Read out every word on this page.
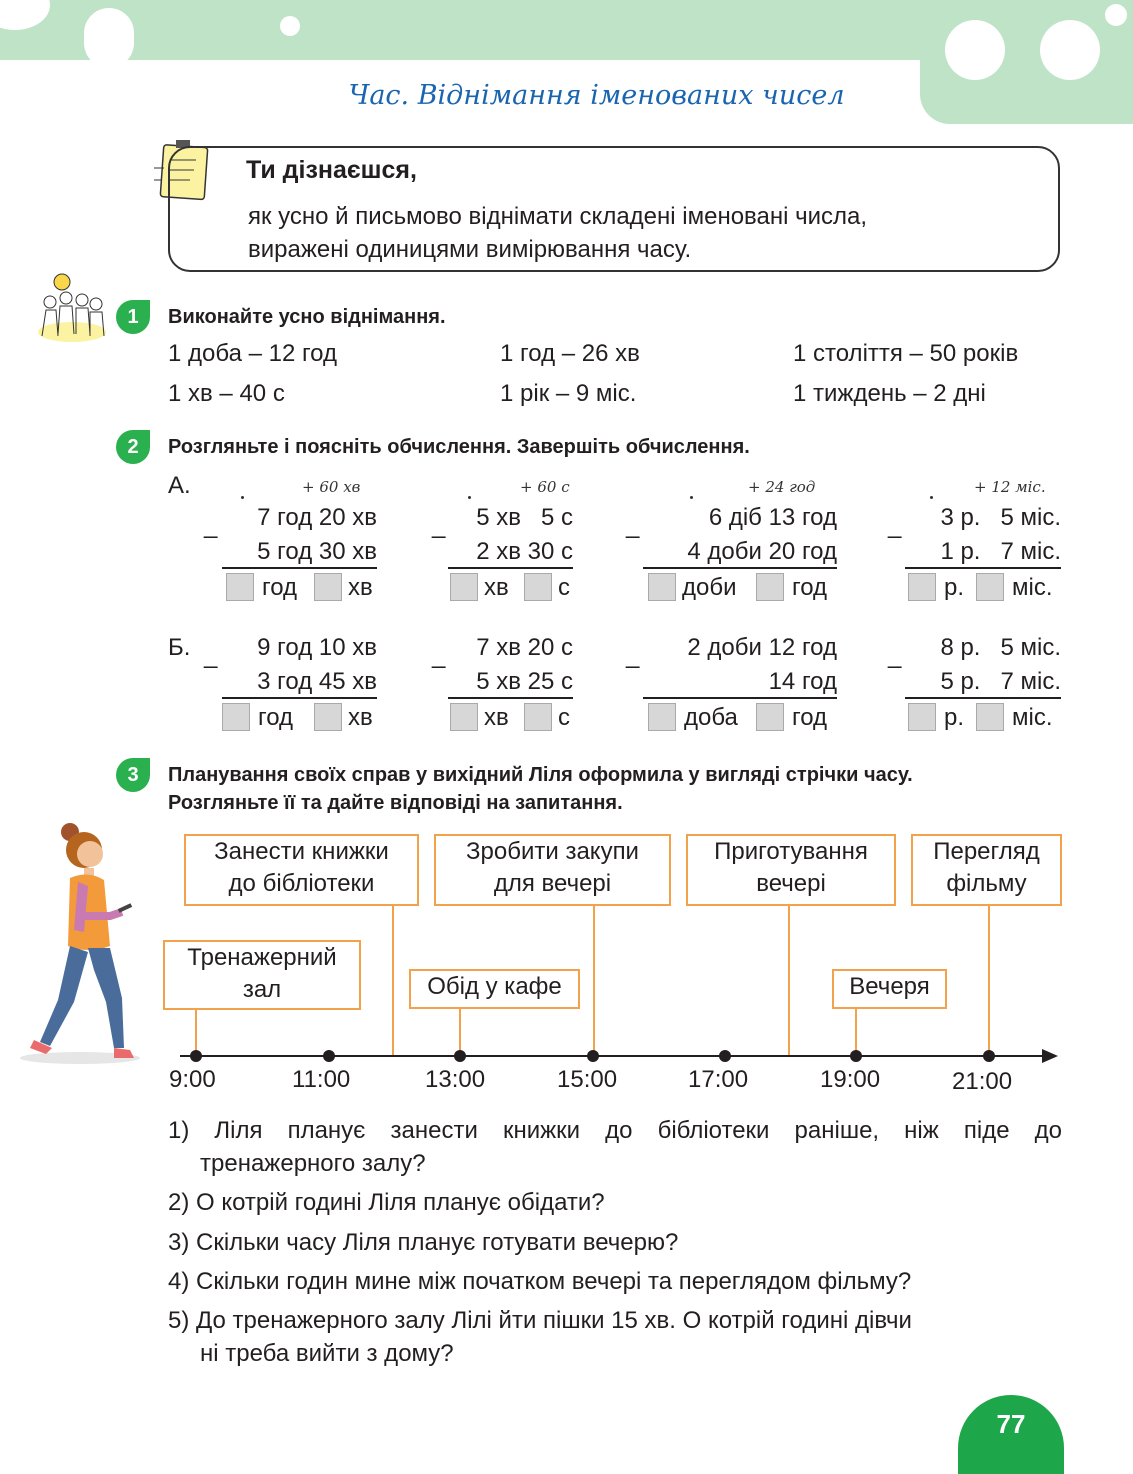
Час. Віднімання іменованих чисел
Ти дізнаєшся,
як усно й письмово віднімати складені іменовані числа,
виражені одиницями вимірювання часу.
1	Виконайте усно віднімання.
1 доба – 12 год	1 год – 26 хв	1 століття – 50 років
1 хв – 40 с	1 рік – 9 міс.	1 тиждень – 2 дні
2	Розгляньте і поясніть обчислення. Завершіть обчислення.
А.
Б.
+ 60 хв
_	7 год 20 хв
5 год 30 хв
год хв
+ 60 с
_	5 хв   5 с
2 хв 30 с
хв с
+ 24 год
_	6 діб 13 год
4 доби 20 год
доби год
+ 12 міс.
_	3 р.   5 міс.
1 р.   7 міс.
р. міс.
_	9 год 10 хв
3 год 45 хв
год хв
_	7 хв 20 с
5 хв 25 с
хв с
_	2 доби 12 год
14 год
доба год
_	8 р.   5 міс.
5 р.   7 міс.
р. міс.
3	Планування своїх справ у вихідний Ліля оформила у вигляді стрічки часу.
Розгляньте її та дайте відповіді на запитання.
Занести книжки
до бібліотеки
Зробити закупи
для вечері
Приготування
вечері
Перегляд
фільму
Тренажерний
зал	Обід у кафе	Вечеря
9:00	11:00	13:00	15:00	17:00	19:00	21:00
1) Ліля планує занести книжки до бібліотеки раніше, ніж піде до
тренажерного залу?
2) О котрій годині Ліля планує обідати?
3) Скільки часу Ліля планує готувати вечерю?
4) Скільки годин мине між початком вечері та переглядом фільму?
5) До тренажерного залу Лілі йти пішки 15 хв. О котрій годині дівчи
ні треба вийти з дому?
77
